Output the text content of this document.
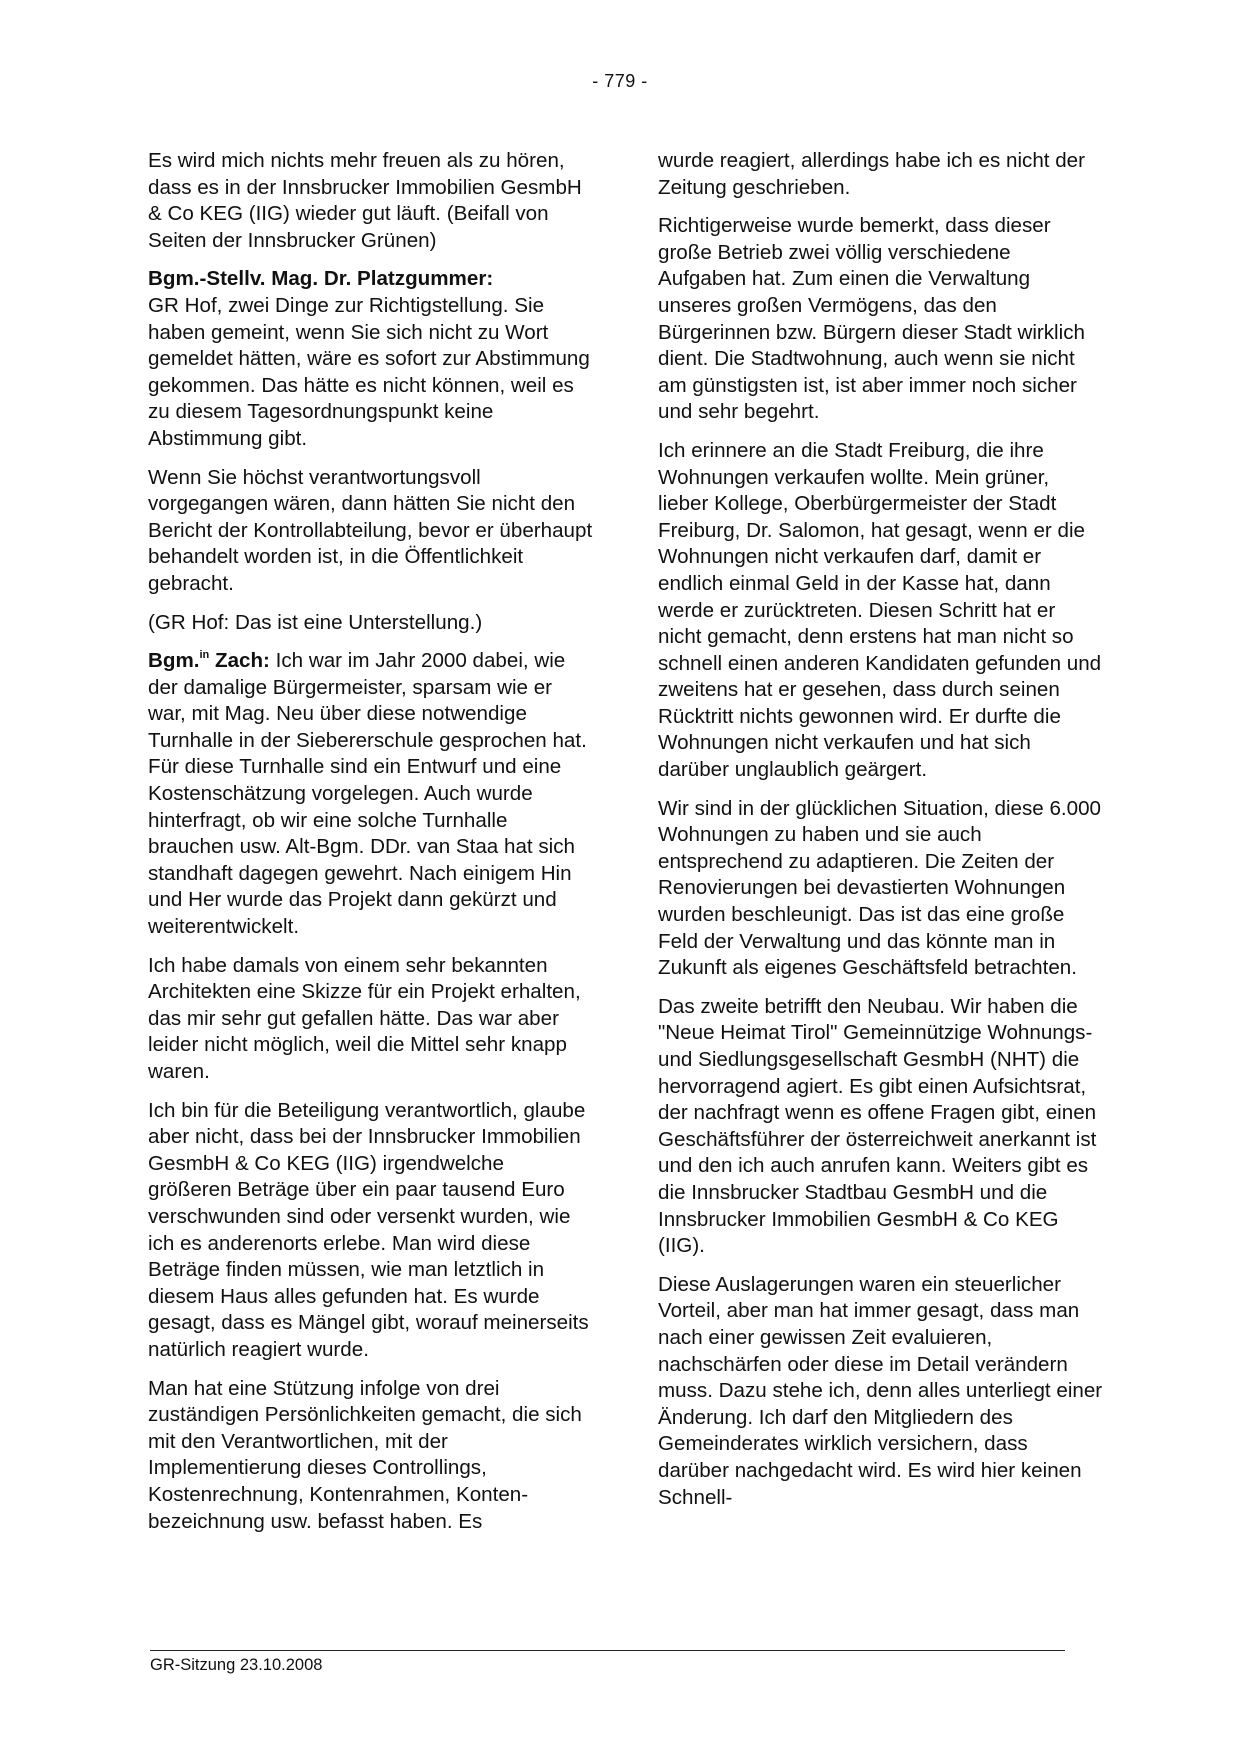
- 779 -

Es wird mich nichts mehr freuen als zu hören, dass es in der Innsbrucker Immobilien GesmbH & Co KEG (IIG) wieder gut läuft. (Beifall von Seiten der Innsbrucker Grünen)

Bgm.-Stellv. Mag. Dr. Platzgummer:
GR Hof, zwei Dinge zur Richtigstellung. Sie haben gemeint, wenn Sie sich nicht zu Wort gemeldet hätten, wäre es sofort zur Abstimmung gekommen. Das hätte es nicht können, weil es zu diesem Tagesordnungspunkt keine Abstimmung gibt.

Wenn Sie höchst verantwortungsvoll vorgegangen wären, dann hätten Sie nicht den Bericht der Kontrollabteilung, bevor er überhaupt behandelt worden ist, in die Öffentlichkeit gebracht.

(GR Hof: Das ist eine Unterstellung.)

Bgm.$^{in}$ Zach: Ich war im Jahr 2000 dabei, wie der damalige Bürgermeister, sparsam wie er war, mit Mag. Neu über diese notwendige Turnhalle in der Siebererschule gesprochen hat. Für diese Turnhalle sind ein Entwurf und eine Kostenschätzung vorgelegen. Auch wurde hinterfragt, ob wir eine solche Turnhalle brauchen usw. Alt-Bgm. DDr. van Staa hat sich standhaft dagegen gewehrt. Nach einigem Hin und Her wurde das Projekt dann gekürzt und weiterentwickelt.

Ich habe damals von einem sehr bekannten Architekten eine Skizze für ein Projekt erhalten, das mir sehr gut gefallen hätte. Das war aber leider nicht möglich, weil die Mittel sehr knapp waren.

Ich bin für die Beteiligung verantwortlich, glaube aber nicht, dass bei der Innsbrucker Immobilien GesmbH & Co KEG (IIG) irgendwelche größeren Beträge über ein paar tausend Euro verschwunden sind oder versenkt wurden, wie ich es anderenorts erlebe. Man wird diese Beträge finden müssen, wie man letztlich in diesem Haus alles gefunden hat. Es wurde gesagt, dass es Mängel gibt, worauf meinerseits natürlich reagiert wurde.

Man hat eine Stützung infolge von drei zuständigen Persönlichkeiten gemacht, die sich mit den Verantwortlichen, mit der Implementierung dieses Controllings, Kostenrechnung, Kontenrahmen, Kontenbezeichnung usw. befasst haben. Es

wurde reagiert, allerdings habe ich es nicht der Zeitung geschrieben.

Richtigerweise wurde bemerkt, dass dieser große Betrieb zwei völlig verschiedene Aufgaben hat. Zum einen die Verwaltung unseres großen Vermögens, das den Bürgerinnen bzw. Bürgern dieser Stadt wirklich dient. Die Stadtwohnung, auch wenn sie nicht am günstigsten ist, ist aber immer noch sicher und sehr begehrt.

Ich erinnere an die Stadt Freiburg, die ihre Wohnungen verkaufen wollte. Mein grüner, lieber Kollege, Oberbürgermeister der Stadt Freiburg, Dr. Salomon, hat gesagt, wenn er die Wohnungen nicht verkaufen darf, damit er endlich einmal Geld in der Kasse hat, dann werde er zurücktreten. Diesen Schritt hat er nicht gemacht, denn erstens hat man nicht so schnell einen anderen Kandidaten gefunden und zweitens hat er gesehen, dass durch seinen Rücktritt nichts gewonnen wird. Er durfte die Wohnungen nicht verkaufen und hat sich darüber unglaublich geärgert.

Wir sind in der glücklichen Situation, diese 6.000 Wohnungen zu haben und sie auch entsprechend zu adaptieren. Die Zeiten der Renovierungen bei devastierten Wohnungen wurden beschleunigt. Das ist das eine große Feld der Verwaltung und das könnte man in Zukunft als eigenes Geschäftsfeld betrachten.

Das zweite betrifft den Neubau. Wir haben die "Neue Heimat Tirol" Gemeinnützige Wohnungs- und Siedlungsgesellschaft GesmbH (NHT) die hervorragend agiert. Es gibt einen Aufsichtsrat, der nachfragt wenn es offene Fragen gibt, einen Geschäftsführer der österreichweit anerkannt ist und den ich auch anrufen kann. Weiters gibt es die Innsbrucker Stadtbau GesmbH und die Innsbrucker Immobilien GesmbH & Co KEG (IIG).

Diese Auslagerungen waren ein steuerlicher Vorteil, aber man hat immer gesagt, dass man nach einer gewissen Zeit evaluieren, nachschärfen oder diese im Detail verändern muss. Dazu stehe ich, denn alles unterliegt einer Änderung. Ich darf den Mitgliedern des Gemeinderates wirklich versichern, dass darüber nachgedacht wird. Es wird hier keinen Schnell-

GR-Sitzung 23.10.2008
